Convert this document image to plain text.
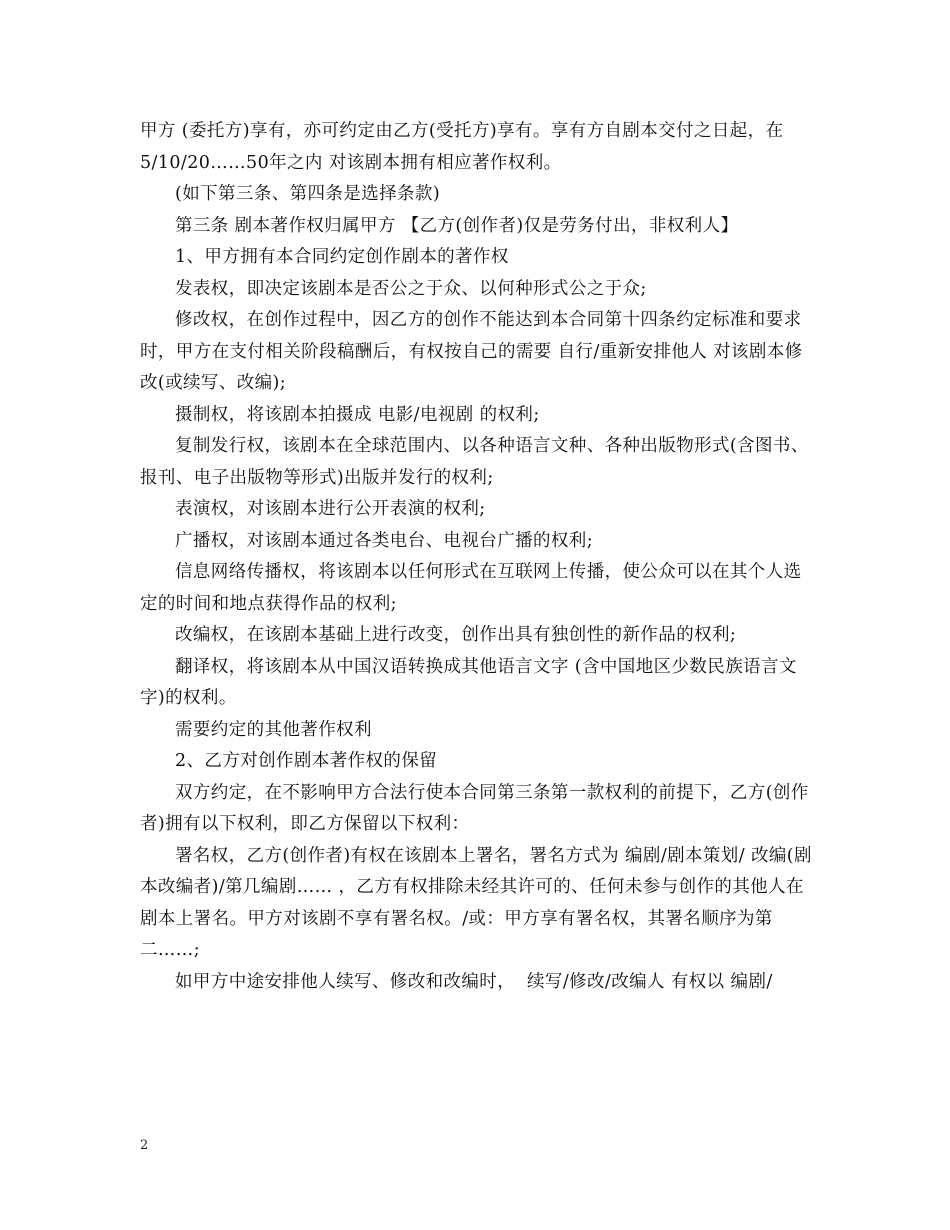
甲方 (委托方)享有，亦可约定由乙方(受托方)享有。享有方自剧本交付之日起，在   5/10/20……50年之内 对该剧本拥有相应著作权利。

(如下第三条、第四条是选择条款)

第三条 剧本著作权归属甲方 【乙方(创作者)仅是劳务付出，非权利人】

1、甲方拥有本合同约定创作剧本的著作权

发表权，即决定该剧本是否公之于众、以何种形式公之于众;

修改权，在创作过程中，因乙方的创作不能达到本合同第十四条约定标准和要求时，甲方在支付相关阶段稿酬后，有权按自己的需要 自行/重新安排他人 对该剧本修改(或续写、改编);

摄制权，将该剧本拍摄成 电影/电视剧 的权利;

复制发行权，该剧本在全球范围内、以各种语言文种、各种出版物形式(含图书、报刊、电子出版物等形式)出版并发行的权利;

表演权，对该剧本进行公开表演的权利;

广播权，对该剧本通过各类电台、电视台广播的权利;

信息网络传播权，将该剧本以任何形式在互联网上传播，使公众可以在其个人选定的时间和地点获得作品的权利;

改编权，在该剧本基础上进行改变，创作出具有独创性的新作品的权利;

翻译权，将该剧本从中国汉语转换成其他语言文字 (含中国地区少数民族语言文字)的权利。

需要约定的其他著作权利

2、乙方对创作剧本著作权的保留

双方约定，在不影响甲方合法行使本合同第三条第一款权利的前提下，乙方(创作者)拥有以下权利，即乙方保留以下权利：

署名权，乙方(创作者)有权在该剧本上署名，署名方式为 编剧/剧本策划/ 改编(剧本改编者)/第几编剧…… ，乙方有权排除未经其许可的、任何未参与创作的其他人在剧本上署名。甲方对该剧不享有署名权。/或：甲方享有署名权，其署名顺序为第二……;

如甲方中途安排他人续写、修改和改编时，  续写/修改/改编人 有权以 编剧/

2
